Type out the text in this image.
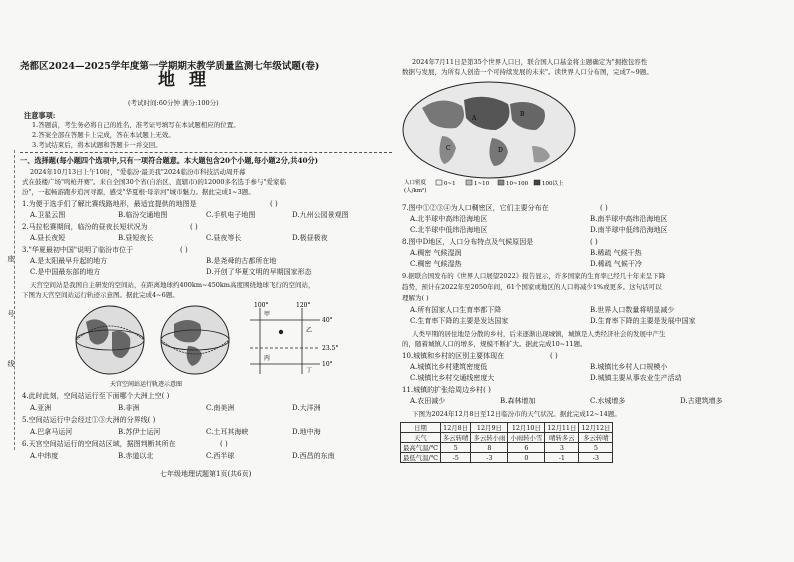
尧都区2024—2025学年度第一学期期末教学质量监测七年级试题(卷)
地理
(考试时间:60分钟 满分:100分)
注意事项:
1.答题前，考生务必将自己的姓名、准考证号填写在本试题相应的位置。
2.答案全部在答题卡上完成，答在本试题上无效。
3.考试结束后，将本试题和答题卡一并交回。
一、选择题(每小题四个选项中,只有一项符合题意。本大题包含20个小题,每小题2分,共40分)
2024年10月13日上午10时，"爱临汾·最美我"2024临汾市科技活动周开幕
式在鼓楼广场"鸣枪开赛"。来自全国30个省(自治区、直辖市)的12000多名选手参与"爱家临
汾"，一起畅游跑步追河寻源，感受"华夏根·母亲河"城市魅力。据此完成1~3题。
1.为便于选手们了解比赛线路地形，最适宜提供的地图是	( )
A.卫星云图	B.临汾交通地图	C.手机电子地图	D.九州公园景观图
2.马拉松赛期间，临汾的昼夜长短状况为	( )
A.昼长夜短	B.昼短夜长	C.昼夜等长	D.极昼极夜
3."华夏最初中国"说明了临汾市位于	( )
A.是太阳最早升起的地方	B.是尧舜的古都所在地
C.是中国最东部的地方	D.开创了华夏文明的早期国家形态
天宫空间站是我国自主研发的空间站，在距离地球约400km~450km高度围绕地球飞行的空间站，
下图为天宫空间站运行轨迹示意图。据此完成4~6题。
100°	120°
40°
23.5°
10°
甲
乙
丙
丁
天宫空间站运行轨迹示意图
4.此时此刻，空间站运行至下面哪个大洲上空( )
A.亚洲	B.非洲	C.南美洲	D.大洋洲
5.空间站运行中会经过①③大洲的分界线( )
A.巴拿马运河	B.苏伊士运河	C.土耳其海峡	D.地中海
6.天宫空间站运行的空间站区域，据图判断其所在	( )
A.中纬度	B.赤道以北	C.西半球	D.西昌的东南
七年级地理试题第1页(共6页)
座
号
线
2024年7月11日是第35个世界人口日，联合国人口基金将主题确定为"拥抱包容性
数据与发展，为所有人创造一个可持续发展的未来"。读世界人口分布图，完成7~9题。
A
B
C	D
人口密度
(人/km²)
0~1	1~10	10~100	100以上
7.图中①②③④为人口稠密区，它们主要分布在	( )
A.北半球中高纬沿海地区	B.南半球中高纬沿海地区
C.北半球中低纬沿海地区	D.南半球中低纬沿海地区
8.图中D地区，人口分布特点及气候原因是	( )
A.稠密 气候湿润	B.稀疏 气候干热
C.稠密 气候湿热	D.稀疏 气候干冷
9.据联合国发布的《世界人口展望2022》报告显示，许多国家的生育率已经几十年来呈下降
趋势，预计在2022年至2050年间，61个国家或地区的人口将减少1%或更多。这句话可以
理解为( )
A.所有国家人口生育率都下降	B.世界人口数量将明显减少
C.生育率下降的主要是发达国家	D.生育率下降的主要是发展中国家
人类早期的居住地是分散的乡村，后来逐渐出现城镇，城镇是人类经济社会的发展中产生
的，随着城镇人口的增多，规模不断扩大。据此完成10~11题。
10.城镇和乡村的区别主要体现在	( )
A.城镇比乡村建筑密度低	B.城镇比乡村人口规模小
C.城镇比乡村交通线密度大	D.城镇主要从事农业生产活动
11.城镇的扩张给周边乡村( )
A.农田减少	B.森林增加	C.水城增多	D.古建筑增多
下图为2024年12月8日至12日临汾市的天气状况。据此完成12~14题。
日期	12月8日	12月9日	12月10日	12月11日	12月12日
天气	多云转晴	多云转小雨	小雨转小雪	晴转多云	多云转晴
最高气温/℃	5	8	6	3	5
最低气温/℃	-5	-3	0	-1	-3
